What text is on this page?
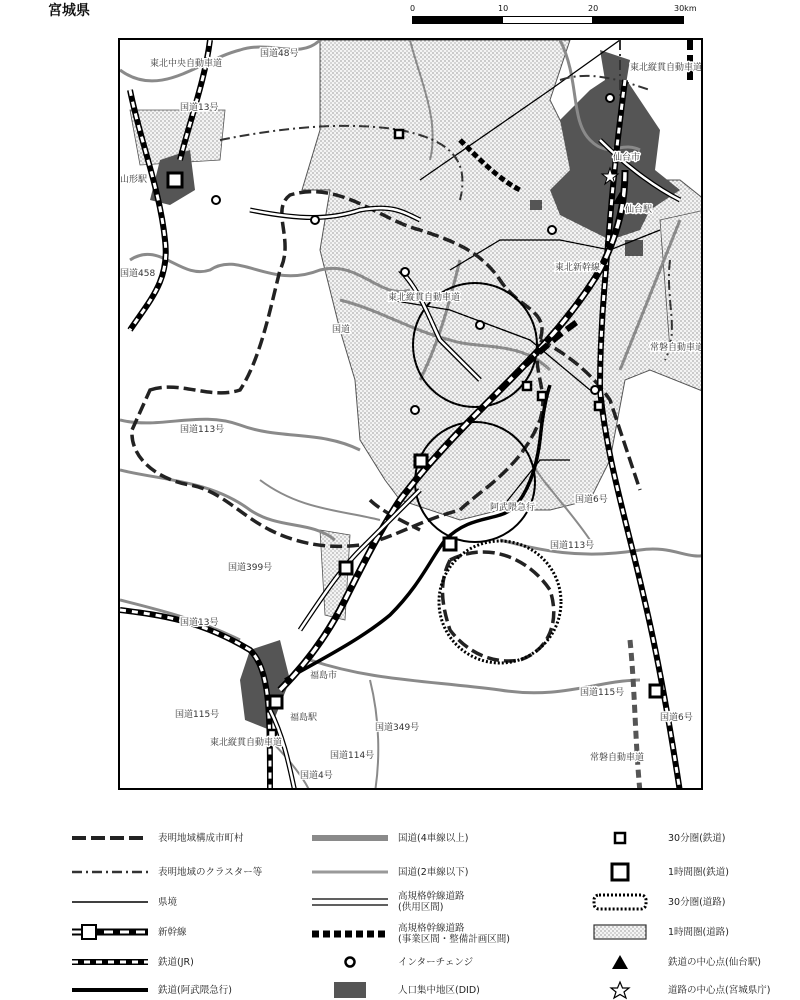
宮城県	0	10	20	30km
東北中央自動車道
国道48号
国道13号
山形駅
国道458
仙台市
仙台駅
東北縦貫自動車道
東北新幹線
常磐自動車道
東北縦貫自動車道
国道
国道113号
阿武隈急行
国道6号
国道113号
国道399号
国道13号
福島市
福島駅
国道115号
国道115号
国道349号
国道114号
国道4号
東北縦貫自動車道
常磐自動車道
国道6号
表明地域構成市町村
表明地域のクラスター等
県境
新幹線
鉄道(JR)
鉄道(阿武隈急行)
国道(4車線以上)
国道(2車線以下)
高規格幹線道路
(供用区間)
高規格幹線道路
(事業区間・整備計画区間)
インターチェンジ
人口集中地区(DID)
30分圏(鉄道)
1時間圏(鉄道)
30分圏(道路)
1時間圏(道路)
鉄道の中心点(仙台駅)
道路の中心点(宮城県庁)
